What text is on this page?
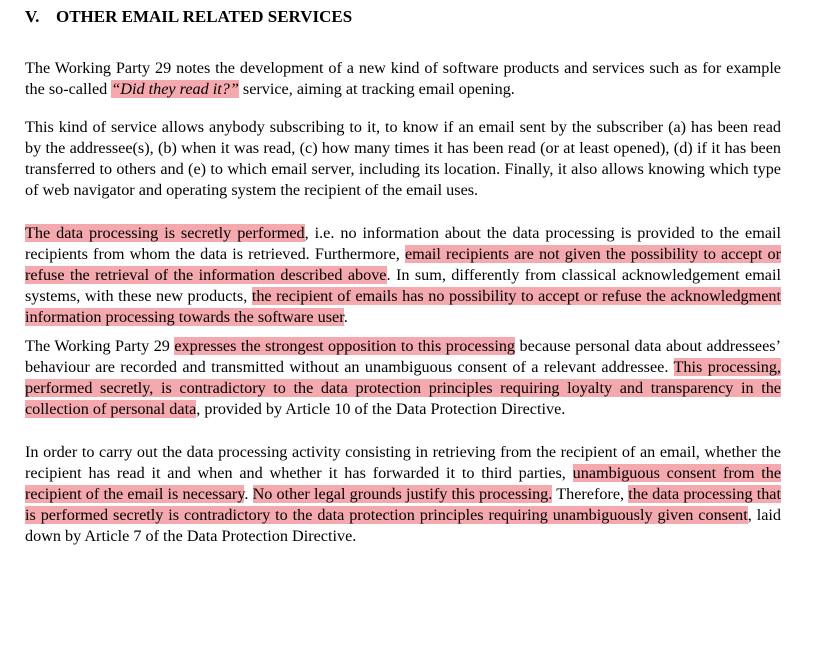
V. OTHER EMAIL RELATED SERVICES

The Working Party 29 notes the development of a new kind of software products and services such as for example the so-called “Did they read it?” service, aiming at tracking email opening.

This kind of service allows anybody subscribing to it, to know if an email sent by the subscriber (a) has been read by the addressee(s), (b) when it was read, (c) how many times it has been read (or at least opened), (d) if it has been transferred to others and (e) to which email server, including its location. Finally, it also allows knowing which type of web navigator and operating system the recipient of the email uses.

The data processing is secretly performed, i.e. no information about the data processing is provided to the email recipients from whom the data is retrieved. Furthermore, email recipients are not given the possibility to accept or refuse the retrieval of the information described above. In sum, differently from classical acknowledgement email systems, with these new products, the recipient of emails has no possibility to accept or refuse the acknowledgment information processing towards the software user.

The Working Party 29 expresses the strongest opposition to this processing because personal data about addressees’ behaviour are recorded and transmitted without an unambiguous consent of a relevant addressee. This processing, performed secretly, is contradictory to the data protection principles requiring loyalty and transparency in the collection of personal data, provided by Article 10 of the Data Protection Directive.

In order to carry out the data processing activity consisting in retrieving from the recipient of an email, whether the recipient has read it and when and whether it has forwarded it to third parties, unambiguous consent from the recipient of the email is necessary. No other legal grounds justify this processing. Therefore, the data processing that is performed secretly is contradictory to the data protection principles requiring unambiguously given consent, laid down by Article 7 of the Data Protection Directive.
